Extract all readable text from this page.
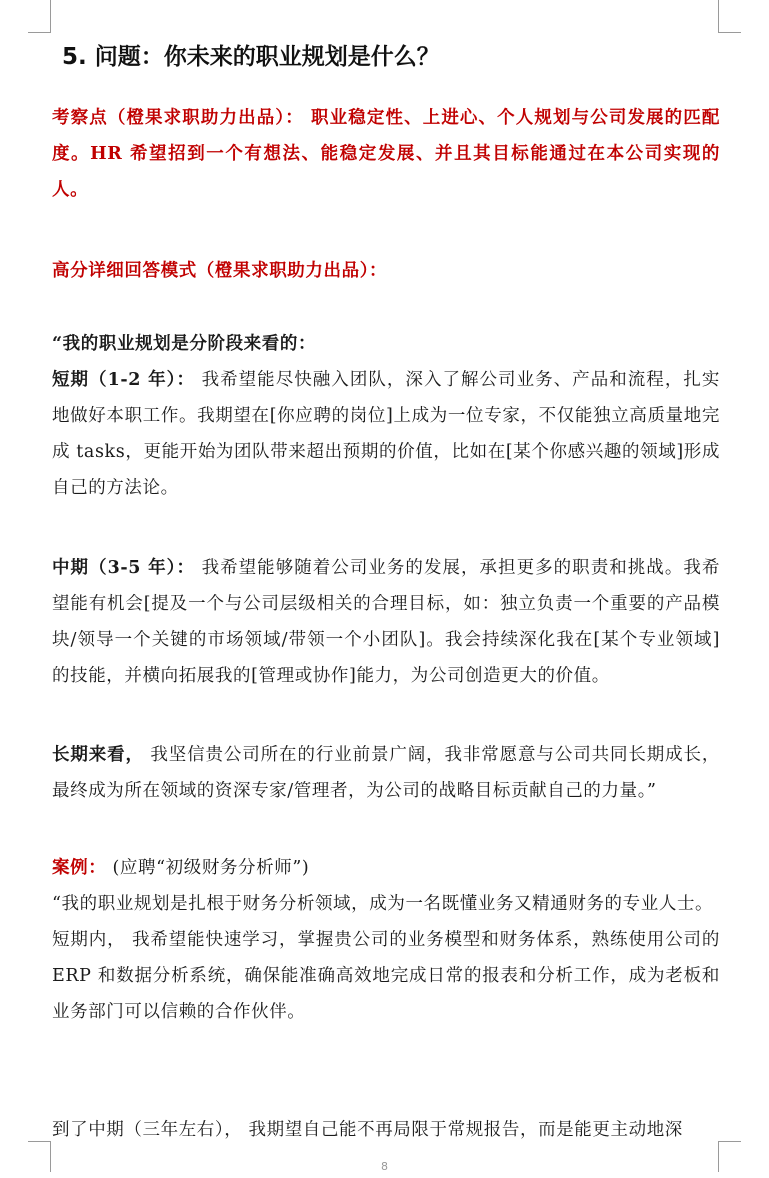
5. 问题：你未来的职业规划是什么？
考察点（橙果求职助力出品）： 职业稳定性、上进心、个人规划与公司发展的匹配度。HR 希望招到一个有想法、能稳定发展、并且其目标能通过在本公司实现的人。
高分详细回答模式（橙果求职助力出品）：

“我的职业规划是分阶段来看的：

短期（1-2 年）： 我希望能尽快融入团队，深入了解公司业务、产品和流程，扎实地做好本职工作。我期望在[你应聘的岗位]上成为一位专家，不仅能独立高质量地完成 tasks，更能开始为团队带来超出预期的价值，比如在[某个你感兴趣的领域]形成自己的方法论。

中期（3-5 年）： 我希望能够随着公司业务的发展，承担更多的职责和挑战。我希望能有机会[提及一个与公司层级相关的合理目标，如：独立负责一个重要的产品模块/领导一个关键的市场领域/带领一个小团队]。我会持续深化我在[某个专业领域]的技能，并横向拓展我的[管理或协作]能力，为公司创造更大的价值。
长期来看， 我坚信贵公司所在的行业前景广阔，我非常愿意与公司共同长期成长，最终成为所在领域的资深专家/管理者，为公司的战略目标贡献自己的力量。”

案例： (应聘“初级财务分析师”)

“我的职业规划是扎根于财务分析领域，成为一名既懂业务又精通财务的专业人士。

短期内， 我希望能快速学习，掌握贵公司的业务模型和财务体系，熟练使用公司的 ERP 和数据分析系统，确保能准确高效地完成日常的报表和分析工作，成为老板和业务部门可以信赖的合作伙伴。

到了中期（三年左右）， 我期望自己能不再局限于常规报告，而是能更主动地深
8
